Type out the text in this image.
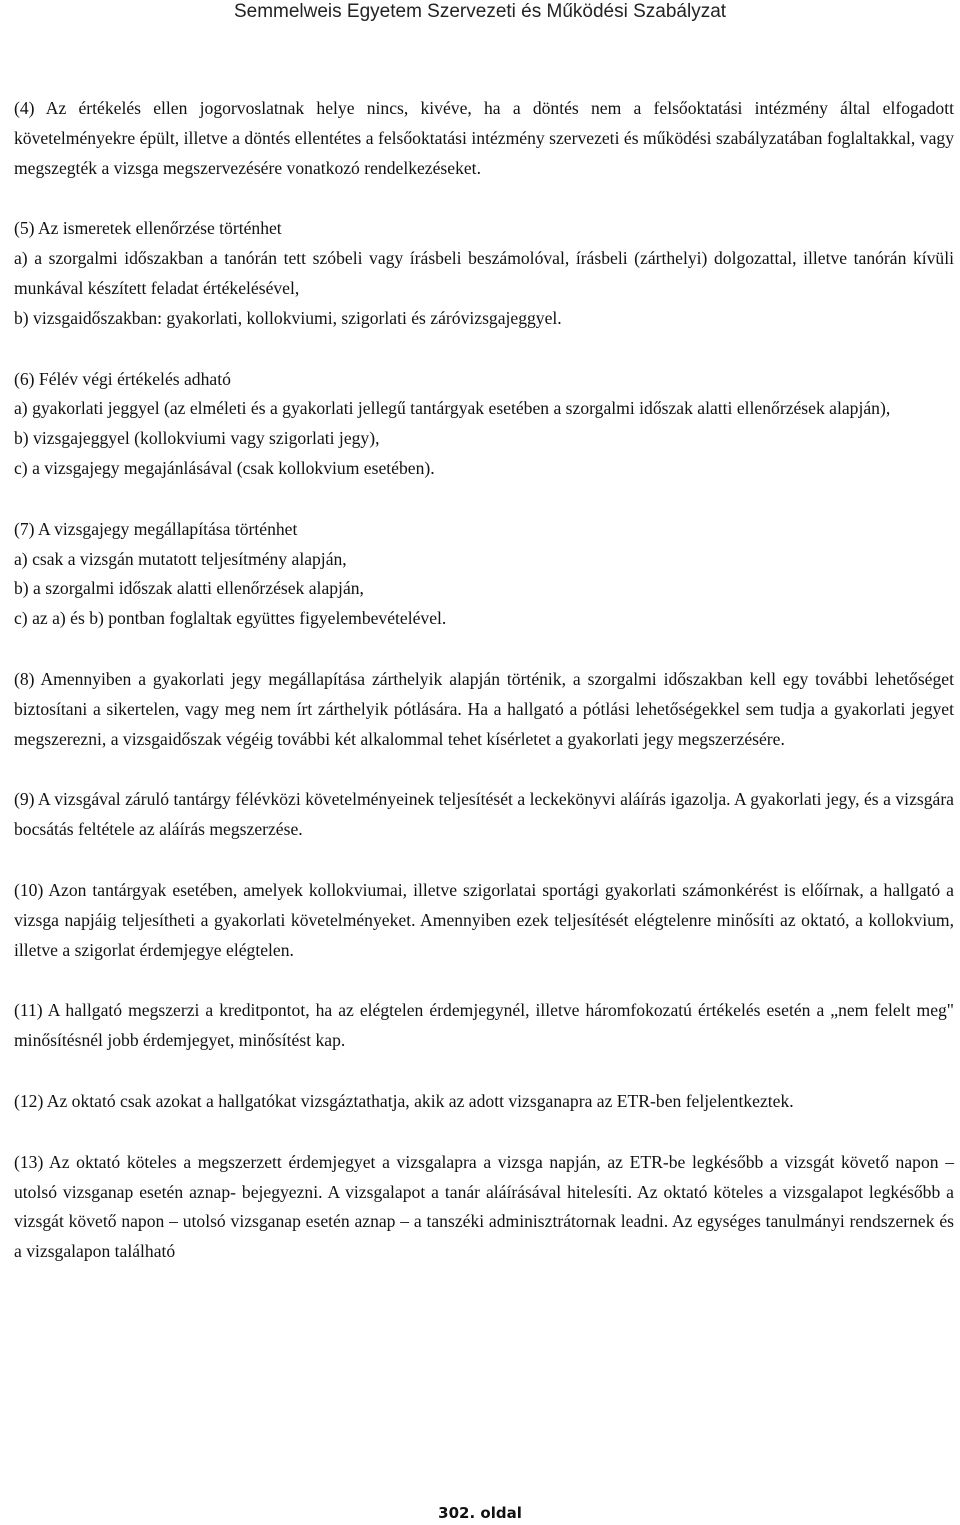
Semmelweis Egyetem Szervezeti és Működési Szabályzat

(4) Az értékelés ellen jogorvoslatnak helye nincs, kivéve, ha a döntés nem a felsőoktatási intézmény által elfogadott követelményekre épült, illetve a döntés ellentétes a felsőoktatási intézmény szervezeti és működési szabályzatában foglaltakkal, vagy megszegték a vizsga megszervezésére vonatkozó rendelkezéseket.

(5) Az ismeretek ellenőrzése történhet

a) a szorgalmi időszakban a tanórán tett szóbeli vagy írásbeli beszámolóval, írásbeli (zárthelyi) dolgozattal, illetve tanórán kívüli munkával készített feladat értékelésével,

b) vizsgaidőszakban: gyakorlati, kollokviumi, szigorlati és záróvizsgajeggyel.
(6) Félév végi értékelés adható

a) gyakorlati jeggyel (az elméleti és a gyakorlati jellegű tantárgyak esetében a szorgalmi időszak alatti ellenőrzések alapján),

b) vizsgajeggyel (kollokviumi vagy szigorlati jegy),
c) a vizsgajegy megajánlásával (csak kollokvium esetében).
(7) A vizsgajegy megállapítása történhet
a) csak a vizsgán mutatott teljesítmény alapján,
b) a szorgalmi időszak alatti ellenőrzések alapján,
c) az a) és b) pontban foglaltak együttes figyelembevételével.

(8) Amennyiben a gyakorlati jegy megállapítása zárthelyik alapján történik, a szorgalmi időszakban kell egy további lehetőséget biztosítani a sikertelen, vagy meg nem írt zárthelyik pótlására. Ha a hallgató a pótlási lehetőségekkel sem tudja a gyakorlati jegyet megszerezni, a vizsgaidőszak végéig további két alkalommal tehet kísérletet a gyakorlati jegy megszerzésére.

(9) A vizsgával záruló tantárgy félévközi követelményeinek teljesítését a leckekönyvi aláírás igazolja. A gyakorlati jegy, és a vizsgára bocsátás feltétele az aláírás megszerzése.

(10) Azon tantárgyak esetében, amelyek kollokviumai, illetve szigorlatai sportági gyakorlati számonkérést is előírnak, a hallgató a vizsga napjáig teljesítheti a gyakorlati követelményeket. Amennyiben ezek teljesítését elégtelenre minősíti az oktató, a kollokvium, illetve a szigorlat érdemjegye elégtelen.

(11) A hallgató megszerzi a kreditpontot, ha az elégtelen érdemjegynél, illetve háromfokozatú értékelés esetén a „nem felelt meg" minősítésnél jobb érdemjegyet, minősítést kap.

(12) Az oktató csak azokat a hallgatókat vizsgáztathatja, akik az adott vizsganapra az ETR-ben feljelentkeztek.

(13) Az oktató köteles a megszerzett érdemjegyet a vizsgalapra a vizsga napján, az ETR-be legkésőbb a vizsgát követő napon – utolsó vizsganap esetén aznap- bejegyezni. A vizsgalapot a tanár aláírásával hitelesíti. Az oktató köteles a vizsgalapot legkésőbb a vizsgát követő napon – utolsó vizsganap esetén aznap – a tanszéki adminisztrátornak leadni. Az egységes tanulmányi rendszernek és a vizsgalapon található

302. oldal
